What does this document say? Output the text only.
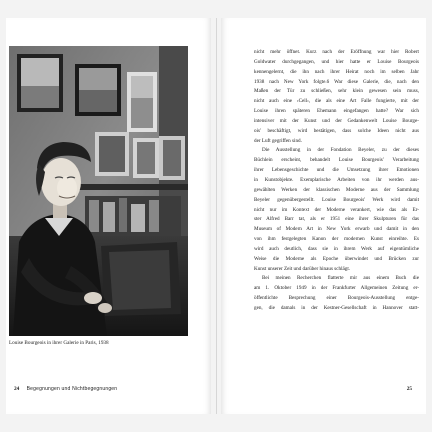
Louise Bourgeois in ihrer Galerie in Paris, 1938
24 Begegnungen und Nichtbegegnungen
nicht mehr öffnet. Kurz nach der Eröffnung war hier Robert
Goldwater durchgegangen, und hier hatte er Louise Bourgeois
kennengelernt, die ihn nach ihrer Heirat noch im selben Jahr
1938 nach New York folgte.6 War diese Galerie, die, nach den
Maßen der Tür zu schließen, sehr klein gewesen sein muss,
nicht auch eine ›Cell‹, die als eine Art Falle fungierte, mit der
Louise ihren späteren Ehemann eingefangen hatte? War sich
intensiver mit der Kunst und der Gedankenwelt Louise Bourge-
ois' beschäftigt, wird bestätigen, dass solche Ideen nicht aus
der Luft gegriffen sind.
Die Ausstellung in der Fondation Beyeler, zu der dieses
Büchlein erscheint, behandelt Louise Bourgeois' Verarbeitung
ihrer Lebensgeschichte und die Umsetzung ihrer Emotionen
in Kunstobjekte. Exemplarische Arbeiten von ihr werden aus-
gewählten Werken der klassischen Moderne aus der Sammlung
Beyeler gegenübergestellt. Louise Bourgeois' Werk wird damit
nicht nur im Kontext der Moderne verankert, wie das als Er-
ster Alfred Barr tat, als er 1951 eine ihrer Skulpturen für das
Museum of Modern Art in New York erwarb und damit in den
von ihm festgelegten Kanon der modernen Kunst einreihte. Es
wird auch deutlich, dass sie in ihrem Werk auf eigentümliche
Weise die Moderne als Epoche überwindet und Brücken zur
Kunst unserer Zeit und darüber hinaus schlägt.
Bei meinen Recherchen flatterte mir aus einem Buch die
am 1. Oktober 1949 in der Frankfurter Allgemeinen Zeitung er-
öffentlichte Besprechung einer Bourgeois-Ausstellung entge-
gen, die damals in der Kestner-Gesellschaft in Hannover statt-
25
